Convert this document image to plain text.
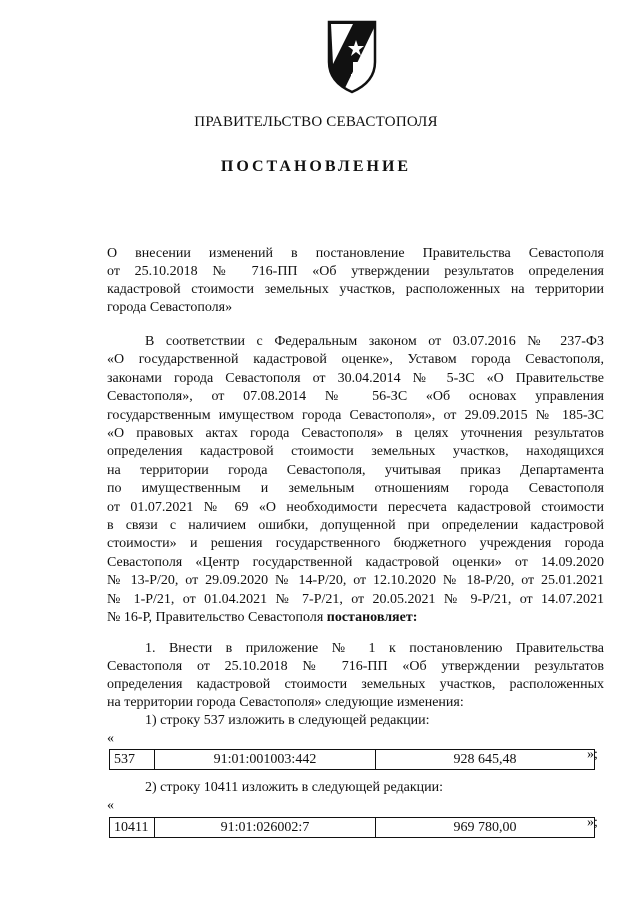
ПРАВИТЕЛЬСТВО СЕВАСТОПОЛЯ
ПОСТАНОВЛЕНИЕ
О внесении изменений в постановление Правительства Севастополя
от 25.10.2018 № 716-ПП «Об утверждении результатов определения
кадастровой стоимости земельных участков, расположенных на территории
города Севастополя»
В соответствии с Федеральным законом от 03.07.2016 № 237-ФЗ
«О государственной кадастровой оценке», Уставом города Севастополя,
законами города Севастополя от 30.04.2014 № 5-ЗС «О Правительстве
Севастополя», от 07.08.2014 № 56-ЗС «Об основах управления
государственным имуществом города Севастополя», от 29.09.2015 № 185-ЗС
«О правовых актах города Севастополя» в целях уточнения результатов
определения кадастровой стоимости земельных участков, находящихся
на территории города Севастополя, учитывая приказ Департамента
по имущественным и земельным отношениям города Севастополя
от 01.07.2021 № 69 «О необходимости пересчета кадастровой стоимости
в связи с наличием ошибки, допущенной при определении кадастровой
стоимости» и решения государственного бюджетного учреждения города
Севастополя «Центр государственной кадастровой оценки» от 14.09.2020
№ 13-Р/20, от 29.09.2020 № 14-Р/20, от 12.10.2020 № 18-Р/20, от 25.01.2021
№ 1-Р/21, от 01.04.2021 № 7-Р/21, от 20.05.2021 № 9-Р/21, от 14.07.2021
№ 16-Р, Правительство Севастополя постановляет:
1. Внести в приложение № 1 к постановлению Правительства
Севастополя от 25.10.2018 № 716-ПП «Об утверждении результатов
определения кадастровой стоимости земельных участков, расположенных
на территории города Севастополя» следующие изменения:
1) строку 537 изложить в следующей редакции:
«
537	91:01:001003:442	928 645,48	»;
2) строку 10411 изложить в следующей редакции:
«
10411	91:01:026002:7	969 780,00	»;
